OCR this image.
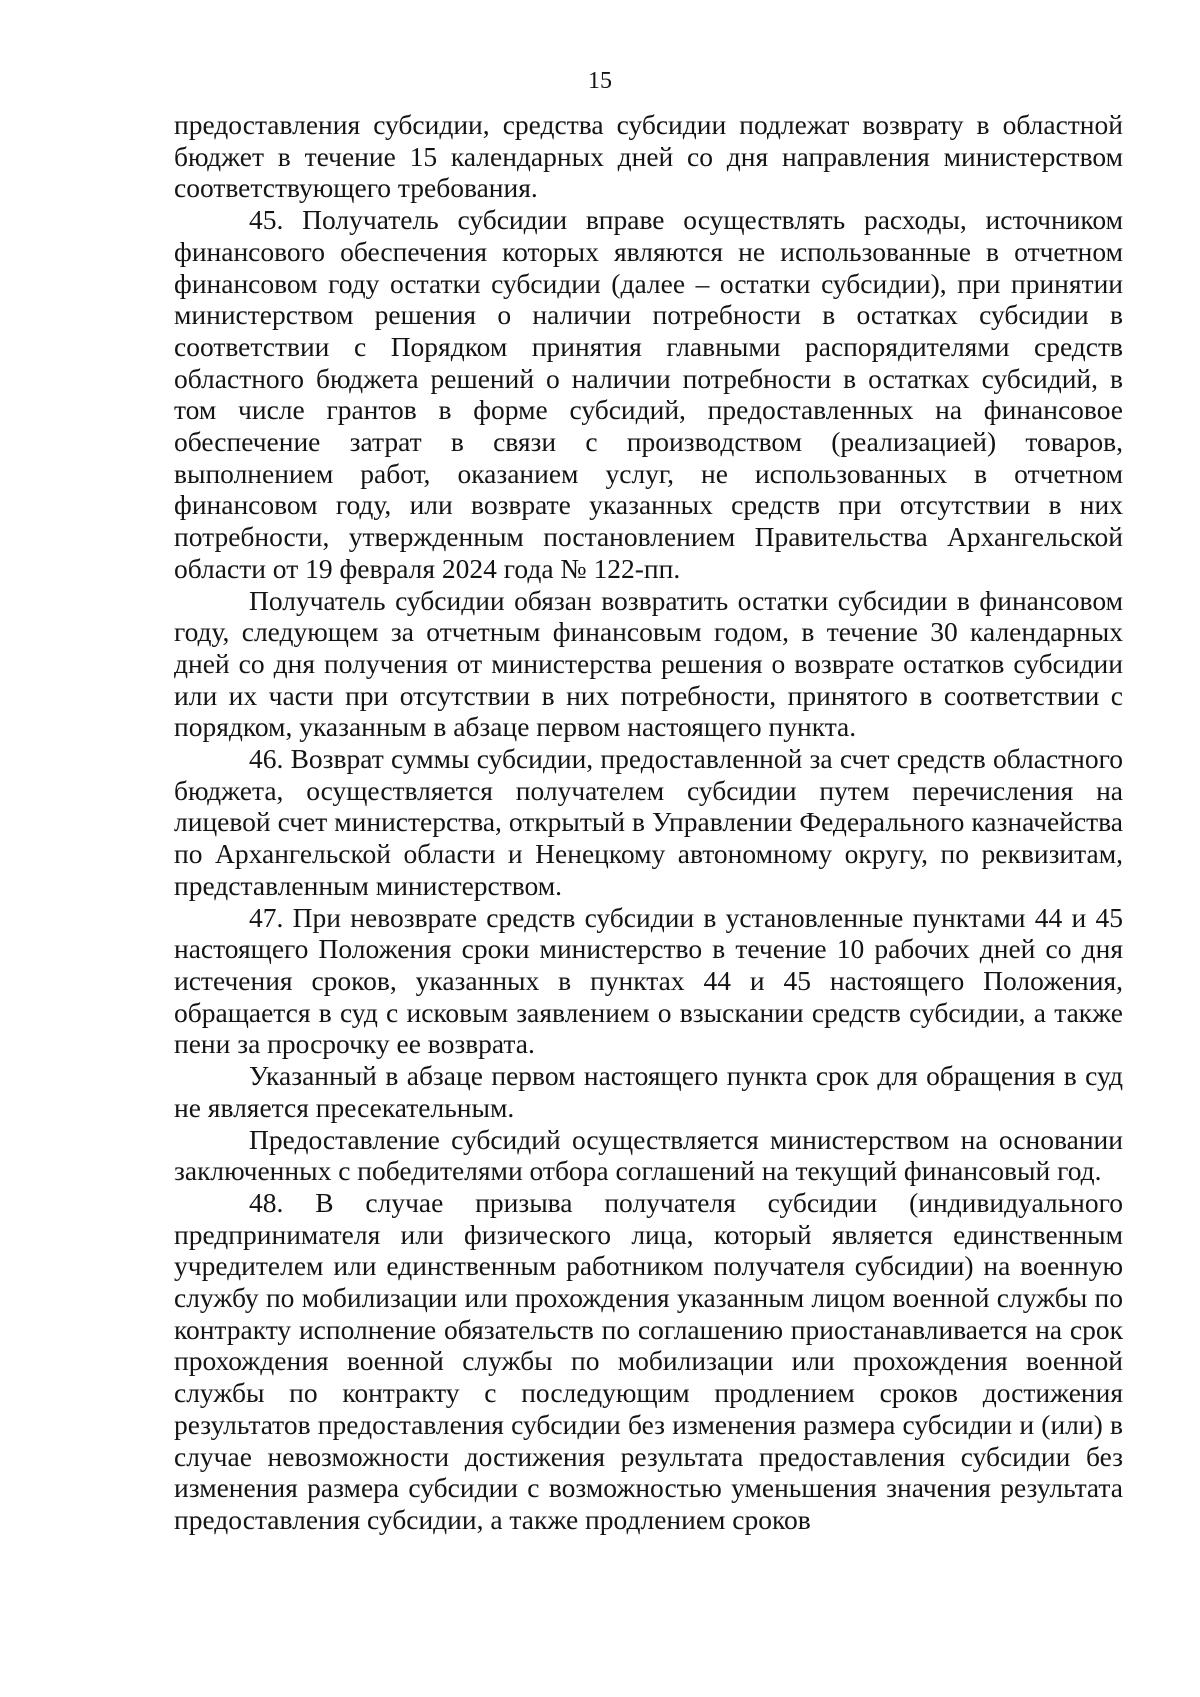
15

предоставления субсидии, средства субсидии подлежат возврату в областной бюджет в течение 15 календарных дней со дня направления министерством соответствующего требования.

45. Получатель субсидии вправе осуществлять расходы, источником финансового обеспечения которых являются не использованные в отчетном финансовом году остатки субсидии (далее – остатки субсидии), при принятии министерством решения о наличии потребности в остатках субсидии в соответствии с Порядком принятия главными распорядителями средств областного бюджета решений о наличии потребности в остатках субсидий, в том числе грантов в форме субсидий, предоставленных на финансовое обеспечение затрат в связи с производством (реализацией) товаров, выполнением работ, оказанием услуг, не использованных в отчетном финансовом году, или возврате указанных средств при отсутствии в них потребности, утвержденным постановлением Правительства Архангельской области от 19 февраля 2024 года № 122-пп.

Получатель субсидии обязан возвратить остатки субсидии в финансовом году, следующем за отчетным финансовым годом, в течение 30 календарных дней со дня получения от министерства решения о возврате остатков субсидии или их части при отсутствии в них потребности, принятого в соответствии с порядком, указанным в абзаце первом настоящего пункта.

46. Возврат суммы субсидии, предоставленной за счет средств областного бюджета, осуществляется получателем субсидии путем перечисления на лицевой счет министерства, открытый в Управлении Федерального казначейства по Архангельской области и Ненецкому автономному округу, по реквизитам, представленным министерством.

47. При невозврате средств субсидии в установленные пунктами 44 и 45 настоящего Положения сроки министерство в течение 10 рабочих дней со дня истечения сроков, указанных в пунктах 44 и 45 настоящего Положения, обращается в суд с исковым заявлением о взыскании средств субсидии, а также пени за просрочку ее возврата.

Указанный в абзаце первом настоящего пункта срок для обращения в суд не является пресекательным.

Предоставление субсидий осуществляется министерством на основании заключенных с победителями отбора соглашений на текущий финансовый год.

48. В случае призыва получателя субсидии (индивидуального предпринимателя или физического лица, который является единственным учредителем или единственным работником получателя субсидии) на военную службу по мобилизации или прохождения указанным лицом военной службы по контракту исполнение обязательств по соглашению приостанавливается на срок прохождения военной службы по мобилизации или прохождения военной службы по контракту с последующим продлением сроков достижения результатов предоставления субсидии без изменения размера субсидии и (или) в случае невозможности достижения результата предоставления субсидии без изменения размера субсидии с возможностью уменьшения значения результата предоставления субсидии, а также продлением сроков
